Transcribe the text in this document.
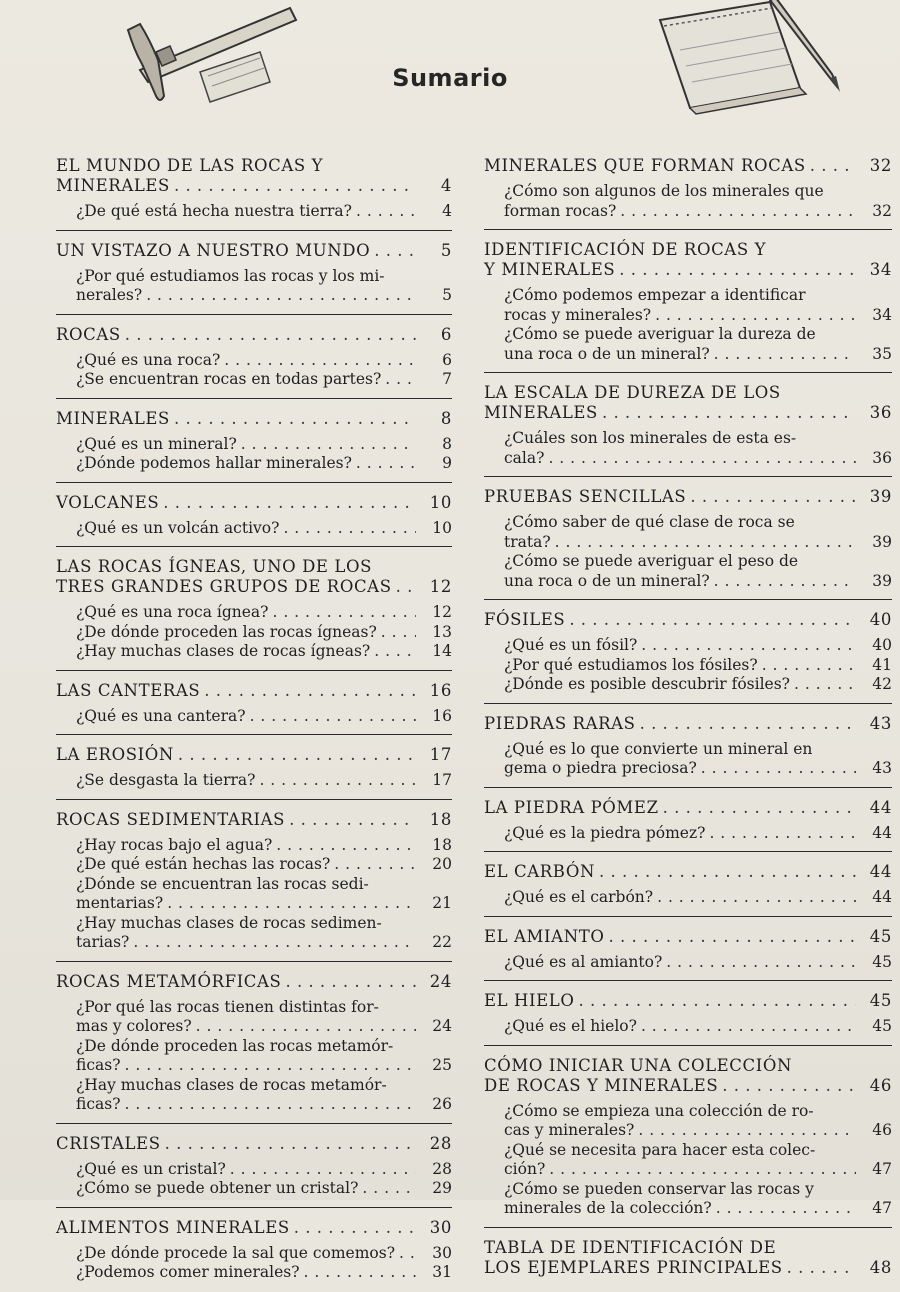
Sumario
EL MUNDO DE LAS ROCAS Y
MINERALES . . .	4
¿De qué está hecha nuestra tierra? . . .	4
UN VISTAZO A NUESTRO MUNDO . . .	5
¿Por qué estudiamos las rocas y los mi-
nerales? . . .	5
ROCAS . . .	6
¿Qué es una roca? . . .	6
¿Se encuentran rocas en todas partes? . . .	7
MINERALES . . .	8
¿Qué es un mineral? . . .	8
¿Dónde podemos hallar minerales? . . .	9
VOLCANES . . .	10
¿Qué es un volcán activo? . . .	10
LAS ROCAS ÍGNEAS, UNO DE LOS
TRES GRANDES GRUPOS DE ROCAS . . .	12
¿Qué es una roca ígnea? . . .	12
¿De dónde proceden las rocas ígneas? . . .	13
¿Hay muchas clases de rocas ígneas? . . .	14
LAS CANTERAS . . .	16
¿Qué es una cantera? . . .	16
LA EROSIÓN . . .	17
¿Se desgasta la tierra? . . .	17
ROCAS SEDIMENTARIAS . . .	18
¿Hay rocas bajo el agua? . . .	18
¿De qué están hechas las rocas? . . .	20
¿Dónde se encuentran las rocas sedi-
mentarias? . . .	21
¿Hay muchas clases de rocas sedimen-
tarias? . . .	22
ROCAS METAMÓRFICAS . . .	24
¿Por qué las rocas tienen distintas for-
mas y colores? . . .	24
¿De dónde proceden las rocas metamór-
ficas? . . .	25
¿Hay muchas clases de rocas metamór-
ficas? . . .	26
CRISTALES . . .	28
¿Qué es un cristal? . . .	28
¿Cómo se puede obtener un cristal? . . .	29
ALIMENTOS MINERALES . . .	30
¿De dónde procede la sal que comemos? . . .	30
¿Podemos comer minerales? . . .	31
MINERALES QUE FORMAN ROCAS . . .	32
¿Cómo son algunos de los minerales que
forman rocas? . . .	32
IDENTIFICACIÓN DE ROCAS Y
Y MINERALES . . .	34
¿Cómo podemos empezar a identificar
rocas y minerales? . . .	34
¿Cómo se puede averiguar la dureza de
una roca o de un mineral? . . .	35
LA ESCALA DE DUREZA DE LOS
MINERALES . . .	36
¿Cuáles son los minerales de esta es-
cala? . . .	36
PRUEBAS SENCILLAS . . .	39
¿Cómo saber de qué clase de roca se
trata? . . .	39
¿Cómo se puede averiguar el peso de
una roca o de un mineral? . . .	39
FÓSILES . . .	40
¿Qué es un fósil? . . .	40
¿Por qué estudiamos los fósiles? . . .	41
¿Dónde es posible descubrir fósiles? . . .	42
PIEDRAS RARAS . . .	43
¿Qué es lo que convierte un mineral en
gema o piedra preciosa? . . .	43
LA PIEDRA PÓMEZ . . .	44
¿Qué es la piedra pómez? . . .	44
EL CARBÓN . . .	44
¿Qué es el carbón? . . .	44
EL AMIANTO . . .	45
¿Qué es al amianto? . . .	45
EL HIELO . . .	45
¿Qué es el hielo? . . .	45
CÓMO INICIAR UNA COLECCIÓN
DE ROCAS Y MINERALES . . .	46
¿Cómo se empieza una colección de ro-
cas y minerales? . . .	46
¿Qué se necesita para hacer esta colec-
ción? . . .	47
¿Cómo se pueden conservar las rocas y
minerales de la colección? . . .	47
TABLA DE IDENTIFICACIÓN DE
LOS EJEMPLARES PRINCIPALES . . .	48
